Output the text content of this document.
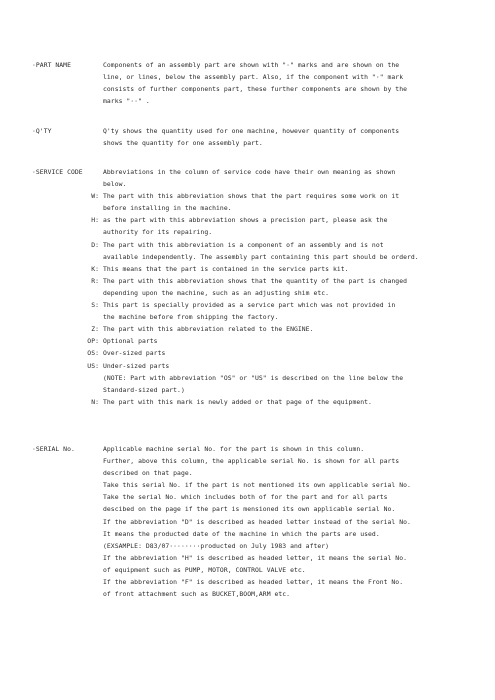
·PART NAME	Components of an assembly part are shown with "·" marks and are shown on the
line, or lines, below the assembly part. Also, if the component with "·" mark
consists of further components part, these further components are shown by the
marks "··" .
·Q'TY	Q'ty shows the quantity used for one machine, however quantity of components
shows the quantity for one assembly part.
·SERVICE CODE	Abbreviations in the column of service code have their own meaning as shown
below.
W: The part with this abbreviation shows that the part requires some work on it
before installing in the machine.
H: as the part with this abbreviation shows a precision part, please ask the
authority for its repairing.
D: The part with this abbreviation is a component of an assembly and is not
available independently. The assembly part containing this part should be orderd.
K: This means that the part is contained in the service parts kit.
R: The part with this abbreviation shows that the quantity of the part is changed
depending upon the machine, such as an adjusting shim etc.
S: This part is specially provided as a service part which was not provided in
the machine before from shipping the factory.
Z: The part with this abbreviation related to the ENGINE.
OP: Optional parts
OS: Over-sized parts
US: Under-sized parts
(NOTE: Part with abbreviation "OS" or "US" is described on the line below the
Standard-sized part.)
N: The part with this mark is newly added or that page of the equipment.
·SERIAL No.	Applicable machine serial No. for the part is shown in this column.
Further, above this column, the applicable serial No. is shown for all parts
described on that page.
Take this serial No. if the part is not mentioned its own applicable serial No.
Take the serial No. which includes both of for the part and for all parts
descibed on the page if the part is mensioned its own applicable serial No.
If the abbreviation "D" is described as headed letter instead of the serial No.
It means the producted date of the machine in which the parts are used.
(EXSAMPLE: D83/07········producted on July 1983 and after)
If the abbreviation "H" is described as headed letter, it means the serial No.
of equipment such as PUMP, MOTOR, CONTROL VALVE etc.
If the abbreviation "F" is described as headed letter, it means the Front No.
of front attachment such as BUCKET,BOOM,ARM etc.
